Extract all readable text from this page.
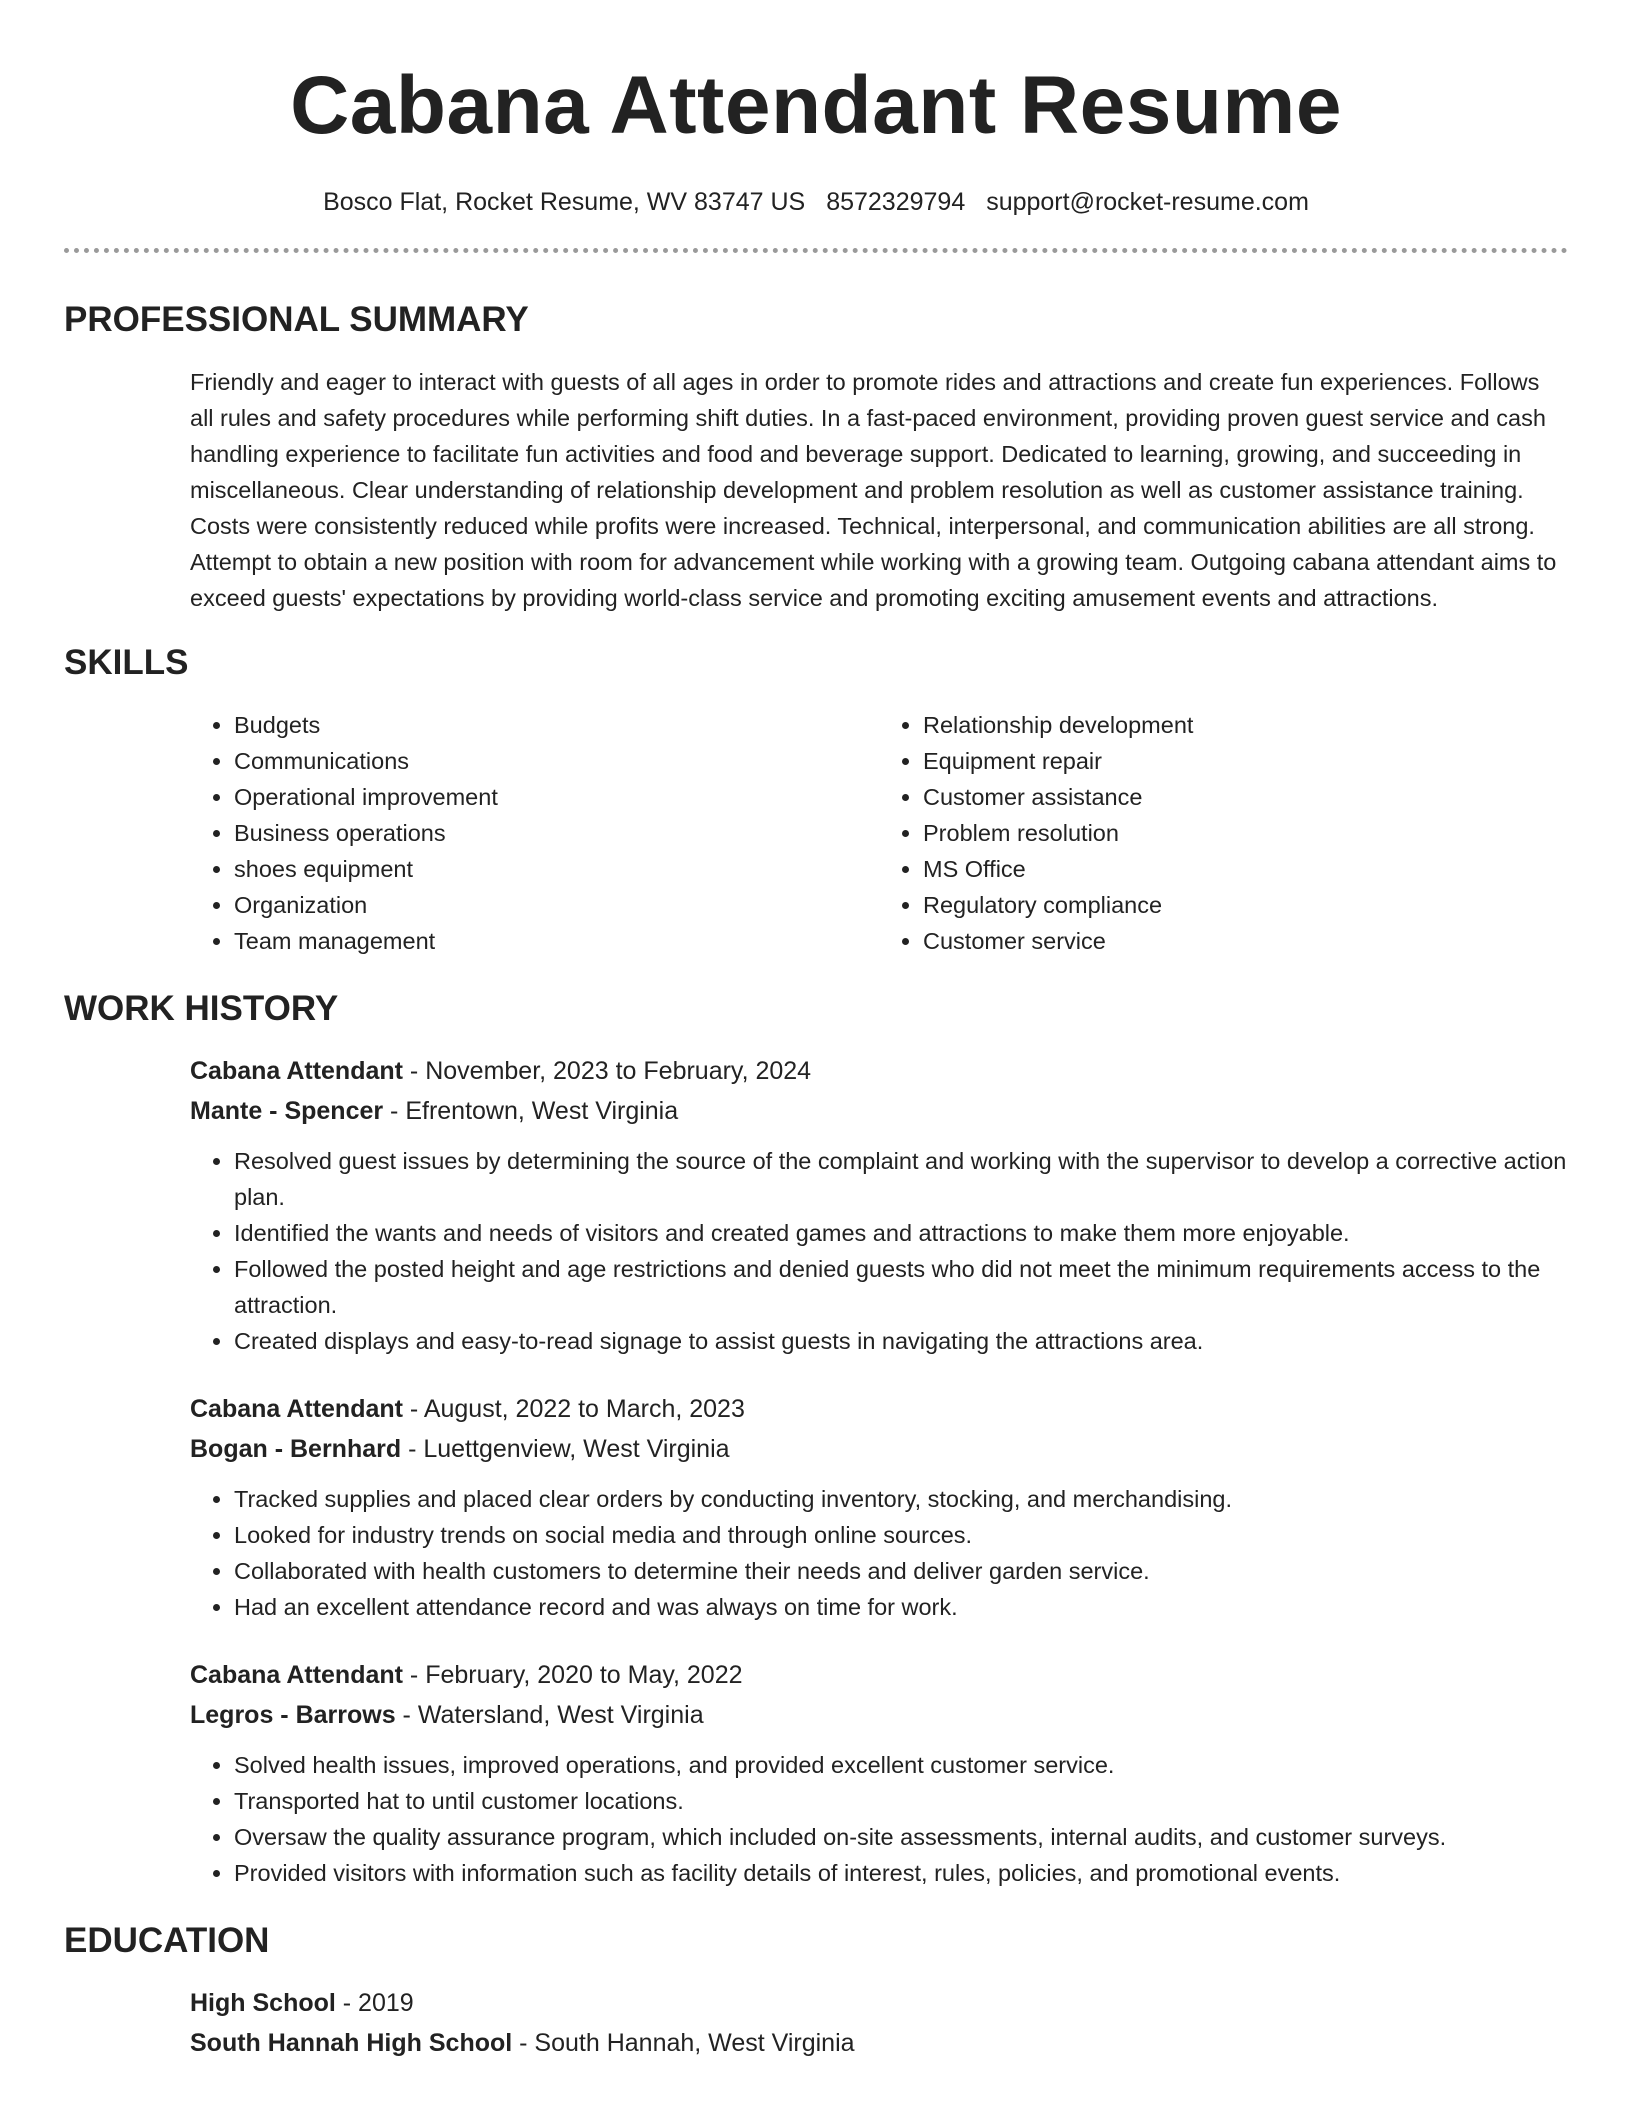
Cabana Attendant Resume
Bosco Flat, Rocket Resume, WV 83747 US 8572329794 support@rocket-resume.com
PROFESSIONAL SUMMARY

Friendly and eager to interact with guests of all ages in order to promote rides and attractions and create fun experiences. Follows all rules and safety procedures while performing shift duties. In a fast-paced environment, providing proven guest service and cash handling experience to facilitate fun activities and food and beverage support. Dedicated to learning, growing, and succeeding in miscellaneous. Clear understanding of relationship development and problem resolution as well as customer assistance training. Costs were consistently reduced while profits were increased. Technical, interpersonal, and communication abilities are all strong. Attempt to obtain a new position with room for advancement while working with a growing team. Outgoing cabana attendant aims to exceed guests' expectations by providing world-class service and promoting exciting amusement events and attractions.

SKILLS
• Budgets
• Communications
• Operational improvement
• Business operations
• shoes equipment
• Organization
• Team management
• Relationship development
• Equipment repair
• Customer assistance
• Problem resolution
• MS Office
• Regulatory compliance
• Customer service
WORK HISTORY
Cabana Attendant - November, 2023 to February, 2024
Mante - Spencer - Efrentown, West Virginia
• Resolved guest issues by determining the source of the complaint and working with the supervisor to develop a corrective action plan.
• Identified the wants and needs of visitors and created games and attractions to make them more enjoyable.
• Followed the posted height and age restrictions and denied guests who did not meet the minimum requirements access to the attraction.
• Created displays and easy-to-read signage to assist guests in navigating the attractions area.
Cabana Attendant - August, 2022 to March, 2023
Bogan - Bernhard - Luettgenview, West Virginia
• Tracked supplies and placed clear orders by conducting inventory, stocking, and merchandising.
• Looked for industry trends on social media and through online sources.
• Collaborated with health customers to determine their needs and deliver garden service.
• Had an excellent attendance record and was always on time for work.
Cabana Attendant - February, 2020 to May, 2022
Legros - Barrows - Watersland, West Virginia
• Solved health issues, improved operations, and provided excellent customer service.
• Transported hat to until customer locations.
• Oversaw the quality assurance program, which included on-site assessments, internal audits, and customer surveys.
• Provided visitors with information such as facility details of interest, rules, policies, and promotional events.
EDUCATION
High School - 2019
South Hannah High School - South Hannah, West Virginia
